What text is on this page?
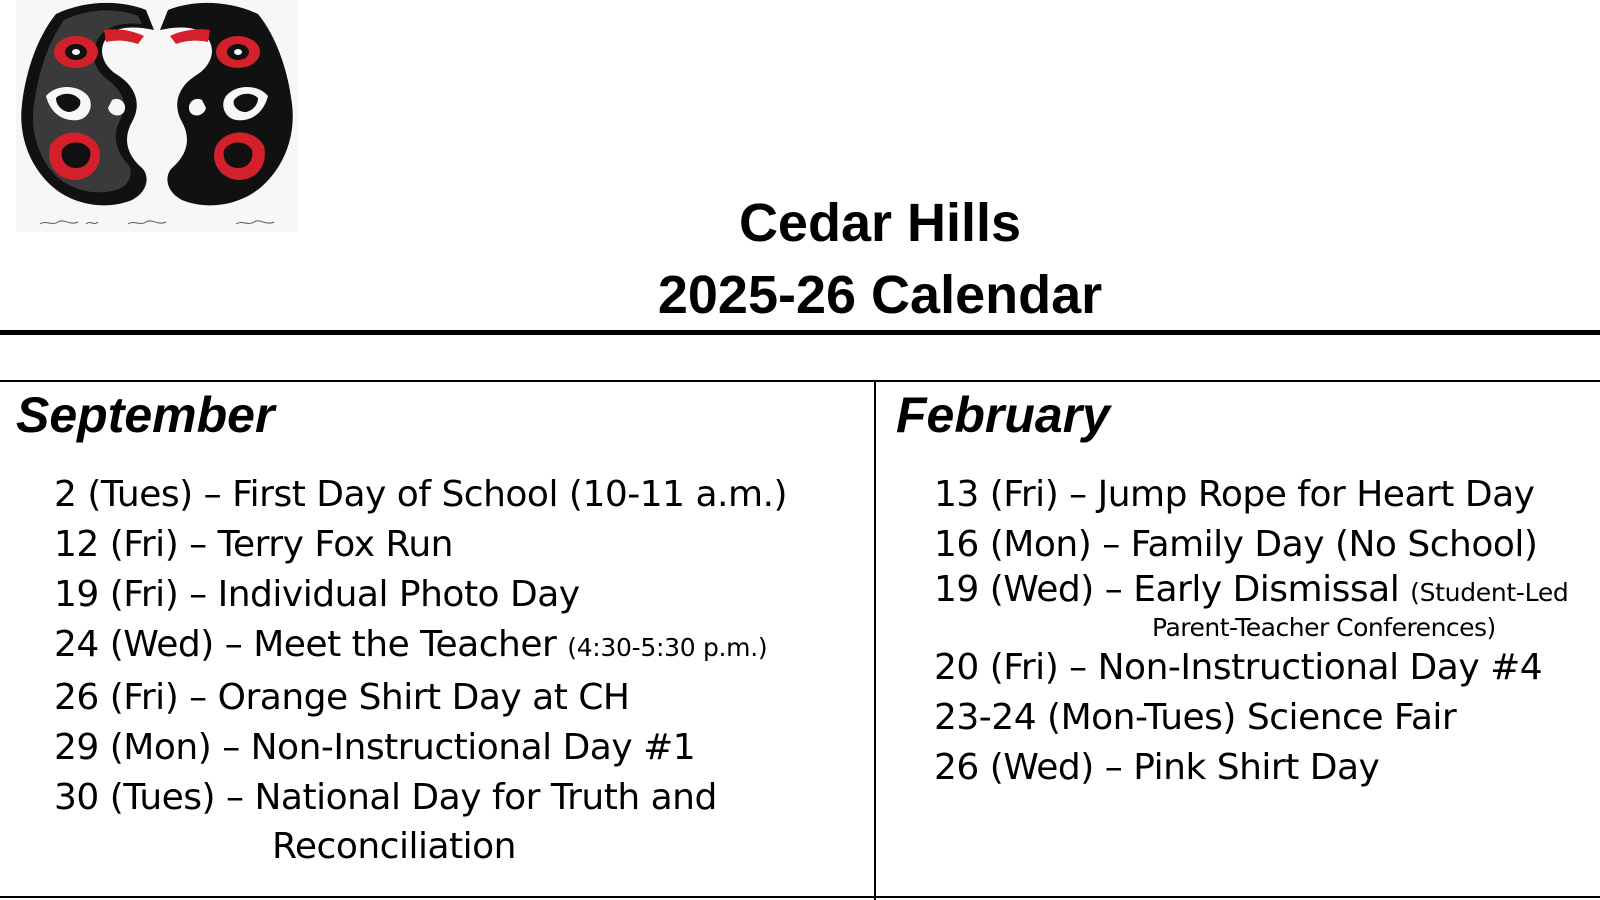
Cedar Hills
2025-26 Calendar
September
2 (Tues) – First Day of School (10-11 a.m.)
12 (Fri) – Terry Fox Run
19 (Fri) – Individual Photo Day
24 (Wed) – Meet the Teacher (4:30-5:30 p.m.)
26 (Fri) – Orange Shirt Day at CH
29 (Mon) – Non-Instructional Day #1
30 (Tues) – National Day for Truth and
Reconciliation
February
13 (Fri) – Jump Rope for Heart Day
16 (Mon) – Family Day (No School)
19 (Wed) – Early Dismissal (Student-Led
Parent-Teacher Conferences)
20 (Fri) – Non-Instructional Day #4
23-24 (Mon-Tues) Science Fair
26 (Wed) – Pink Shirt Day
